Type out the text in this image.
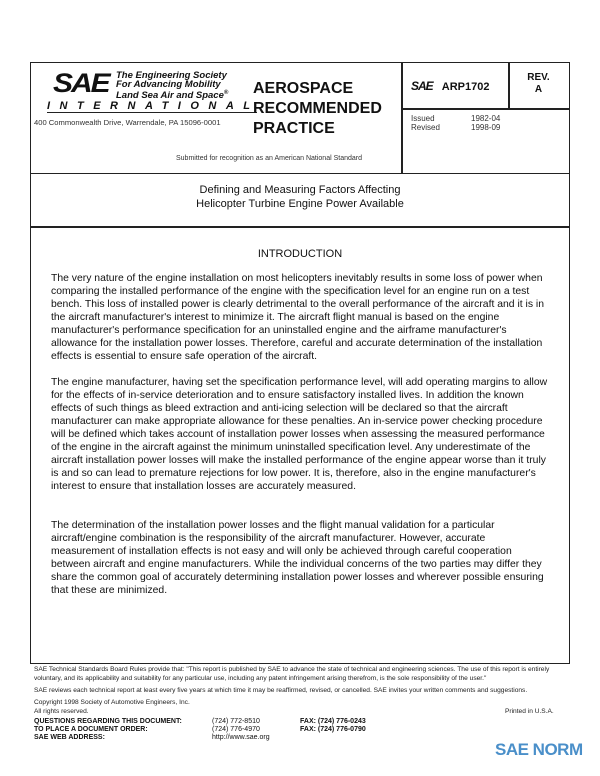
SAE The Engineering Society
For Advancing Mobility
Land Sea Air and Space®
INTERNATIONAL
400 Commonwealth Drive, Warrendale, PA 15096-0001
AEROSPACE
RECOMMENDED
PRACTICE
Submitted for recognition as an American National Standard
SAE ARP1702
REV.
A
Issued	1982-04
Revised	1998-09
Defining and Measuring Factors Affecting
Helicopter Turbine Engine Power Available
INTRODUCTION
The very nature of the engine installation on most helicopters inevitably results in some loss of power when comparing the installed performance of the engine with the specification level for an engine run on a test bench. This loss of installed power is clearly detrimental to the overall performance of the aircraft and it is in the aircraft manufacturer's interest to minimize it. The aircraft flight manual is based on the engine manufacturer's performance specification for an uninstalled engine and the airframe manufacturer's allowance for the installation power losses. Therefore, careful and accurate determination of the installation effects is essential to ensure safe operation of the aircraft.
The engine manufacturer, having set the specification performance level, will add operating margins to allow for the effects of in-service deterioration and to ensure satisfactory installed lives. In addition the known effects of such things as bleed extraction and anti-icing selection will be declared so that the aircraft manufacturer can make appropriate allowance for these penalties. An in-service power checking procedure will be defined which takes account of installation power losses when assessing the measured performance of the engine in the aircraft against the minimum uninstalled specification level. Any underestimate of the aircraft installation power losses will make the installed performance of the engine appear worse than it truly is and so can lead to premature rejections for low power. It is, therefore, also in the engine manufacturer's interest to ensure that installation losses are accurately measured.
The determination of the installation power losses and the flight manual validation for a particular aircraft/engine combination is the responsibility of the aircraft manufacturer. However, accurate measurement of installation effects is not easy and will only be achieved through careful cooperation between aircraft and engine manufacturers. While the individual concerns of the two parties may differ they share the common goal of accurately determining installation power losses and wherever possible ensuring that these are minimized.
SAE Technical Standards Board Rules provide that: "This report is published by SAE to advance the state of technical and engineering sciences. The use of this report is entirely voluntary, and its applicability and suitability for any particular use, including any patent infringement arising therefrom, is the sole responsibility of the user."
SAE reviews each technical report at least every five years at which time it may be reaffirmed, revised, or cancelled. SAE invites your written comments and suggestions.
Copyright 1998 Society of Automotive Engineers, Inc.
All rights reserved.	Printed in U.S.A.
QUESTIONS REGARDING THIS DOCUMENT:	(724) 772-8510	FAX: (724) 776-0243
TO PLACE A DOCUMENT ORDER:	(724) 776-4970	FAX: (724) 776-0790
SAE WEB ADDRESS:	http://www.sae.org
SAE NORM
